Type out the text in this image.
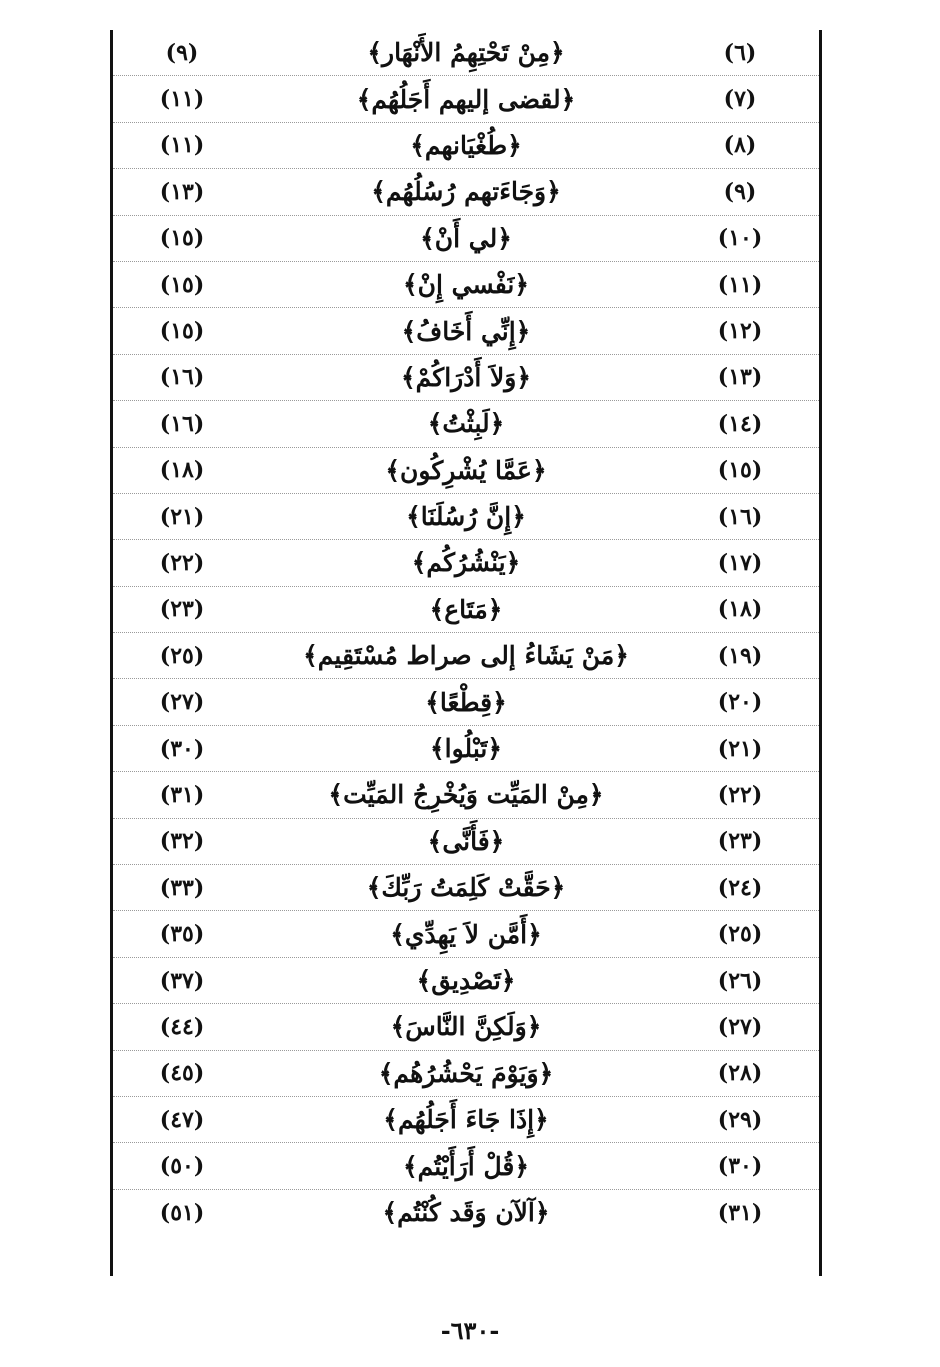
(٦)
﴿مِنْ تَحْتِهِمُ الأَنْهَار﴾
(٩)
(٧)
﴿لقضى إليهم أَجَلُهُم﴾
(١١)
(٨)
﴿طُغْيَانهم﴾
(١١)
(٩)
﴿وَجَاءَتهم رُسُلُهُم﴾
(١٣)
(١٠)
﴿لي أَنْ﴾
(١٥)
(١١)
﴿نَفْسي إِنْ﴾
(١٥)
(١٢)
﴿إِنِّي أَخَافُ﴾
(١٥)
(١٣)
﴿وَلاَ أَدْرَاكُمْ﴾
(١٦)
(١٤)
﴿لَبِثْتُ﴾
(١٦)
(١٥)
﴿عَمَّا يُشْرِكُون﴾
(١٨)
(١٦)
﴿إِنَّ رُسُلَنَا﴾
(٢١)
(١٧)
﴿يَنْشُرُكُم﴾
(٢٢)
(١٨)
﴿مَتَاع﴾
(٢٣)
(١٩)
﴿مَنْ يَشَاءُ إلى صراط مُسْتَقِيم﴾
(٢٥)
(٢٠)
﴿قِطْعًا﴾
(٢٧)
(٢١)
﴿تَبْلُوا﴾
(٣٠)
(٢٢)
﴿مِنْ المَيِّت وَيُخْرِجُ المَيِّت﴾
(٣١)
(٢٣)
﴿فَأَنَّى﴾
(٣٢)
(٢٤)
﴿حَقَّتْ كَلِمَتُ رَبِّكَ﴾
(٣٣)
(٢٥)
﴿أَمَّن لاَ يَهِدِّي﴾
(٣٥)
(٢٦)
﴿تَصْدِيق﴾
(٣٧)
(٢٧)
﴿وَلَكِنَّ النَّاسَ﴾
(٤٤)
(٢٨)
﴿وَيَوْمَ يَحْشُرُهُم﴾
(٤٥)
(٢٩)
﴿إِذَا جَاءَ أَجَلُهُم﴾
(٤٧)
(٣٠)
﴿قُلْ أَرَأَيْتُم﴾
(٥٠)
(٣١)
﴿آلآن وَقَد كُنْتُم﴾
(٥١)
-٦٣٠-
